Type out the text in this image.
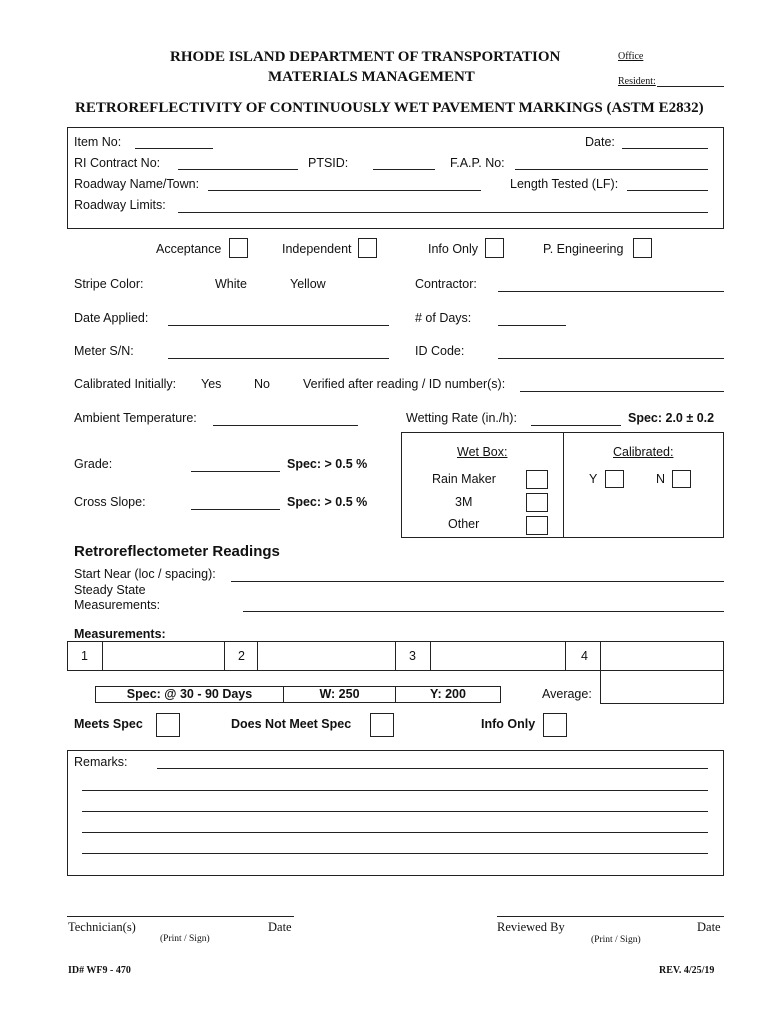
RHODE ISLAND DEPARTMENT OF TRANSPORTATION
MATERIALS MANAGEMENT
Office
Resident:
RETROREFLECTIVITY OF CONTINUOUSLY WET PAVEMENT MARKINGS (ASTM E2832)
Item No:	Date:
RI Contract No:	PTSID:	F.A.P. No:
Roadway Name/Town:	Length Tested (LF):
Roadway Limits:
Acceptance	Independent	Info Only	P. Engineering
Stripe Color:	White	Yellow	Contractor:
Date Applied:	# of Days:
Meter S/N:	ID Code:
Calibrated Initially: Yes	No	Verified after reading / ID number(s):
Ambient Temperature:	Wetting Rate (in./h):	Spec: 2.0 ± 0.2
Grade:	Spec: > 0.5 %
Cross Slope:	Spec: > 0.5 %
Wet Box:
Rain Maker
3M
Other
Calibrated:
Y	N
Retroreflectometer Readings
Start Near (loc / spacing):
Steady State
Measurements:
Measurements:
1	2	3	4
Spec: @ 30 - 90 Days	W: 250	Y: 200	Average:
Meets Spec	Does Not Meet Spec	Info Only
Remarks:
Technician(s)	Date
(Print / Sign)
Reviewed By	Date
(Print / Sign)
ID# WF9 - 470	REV. 4/25/19
